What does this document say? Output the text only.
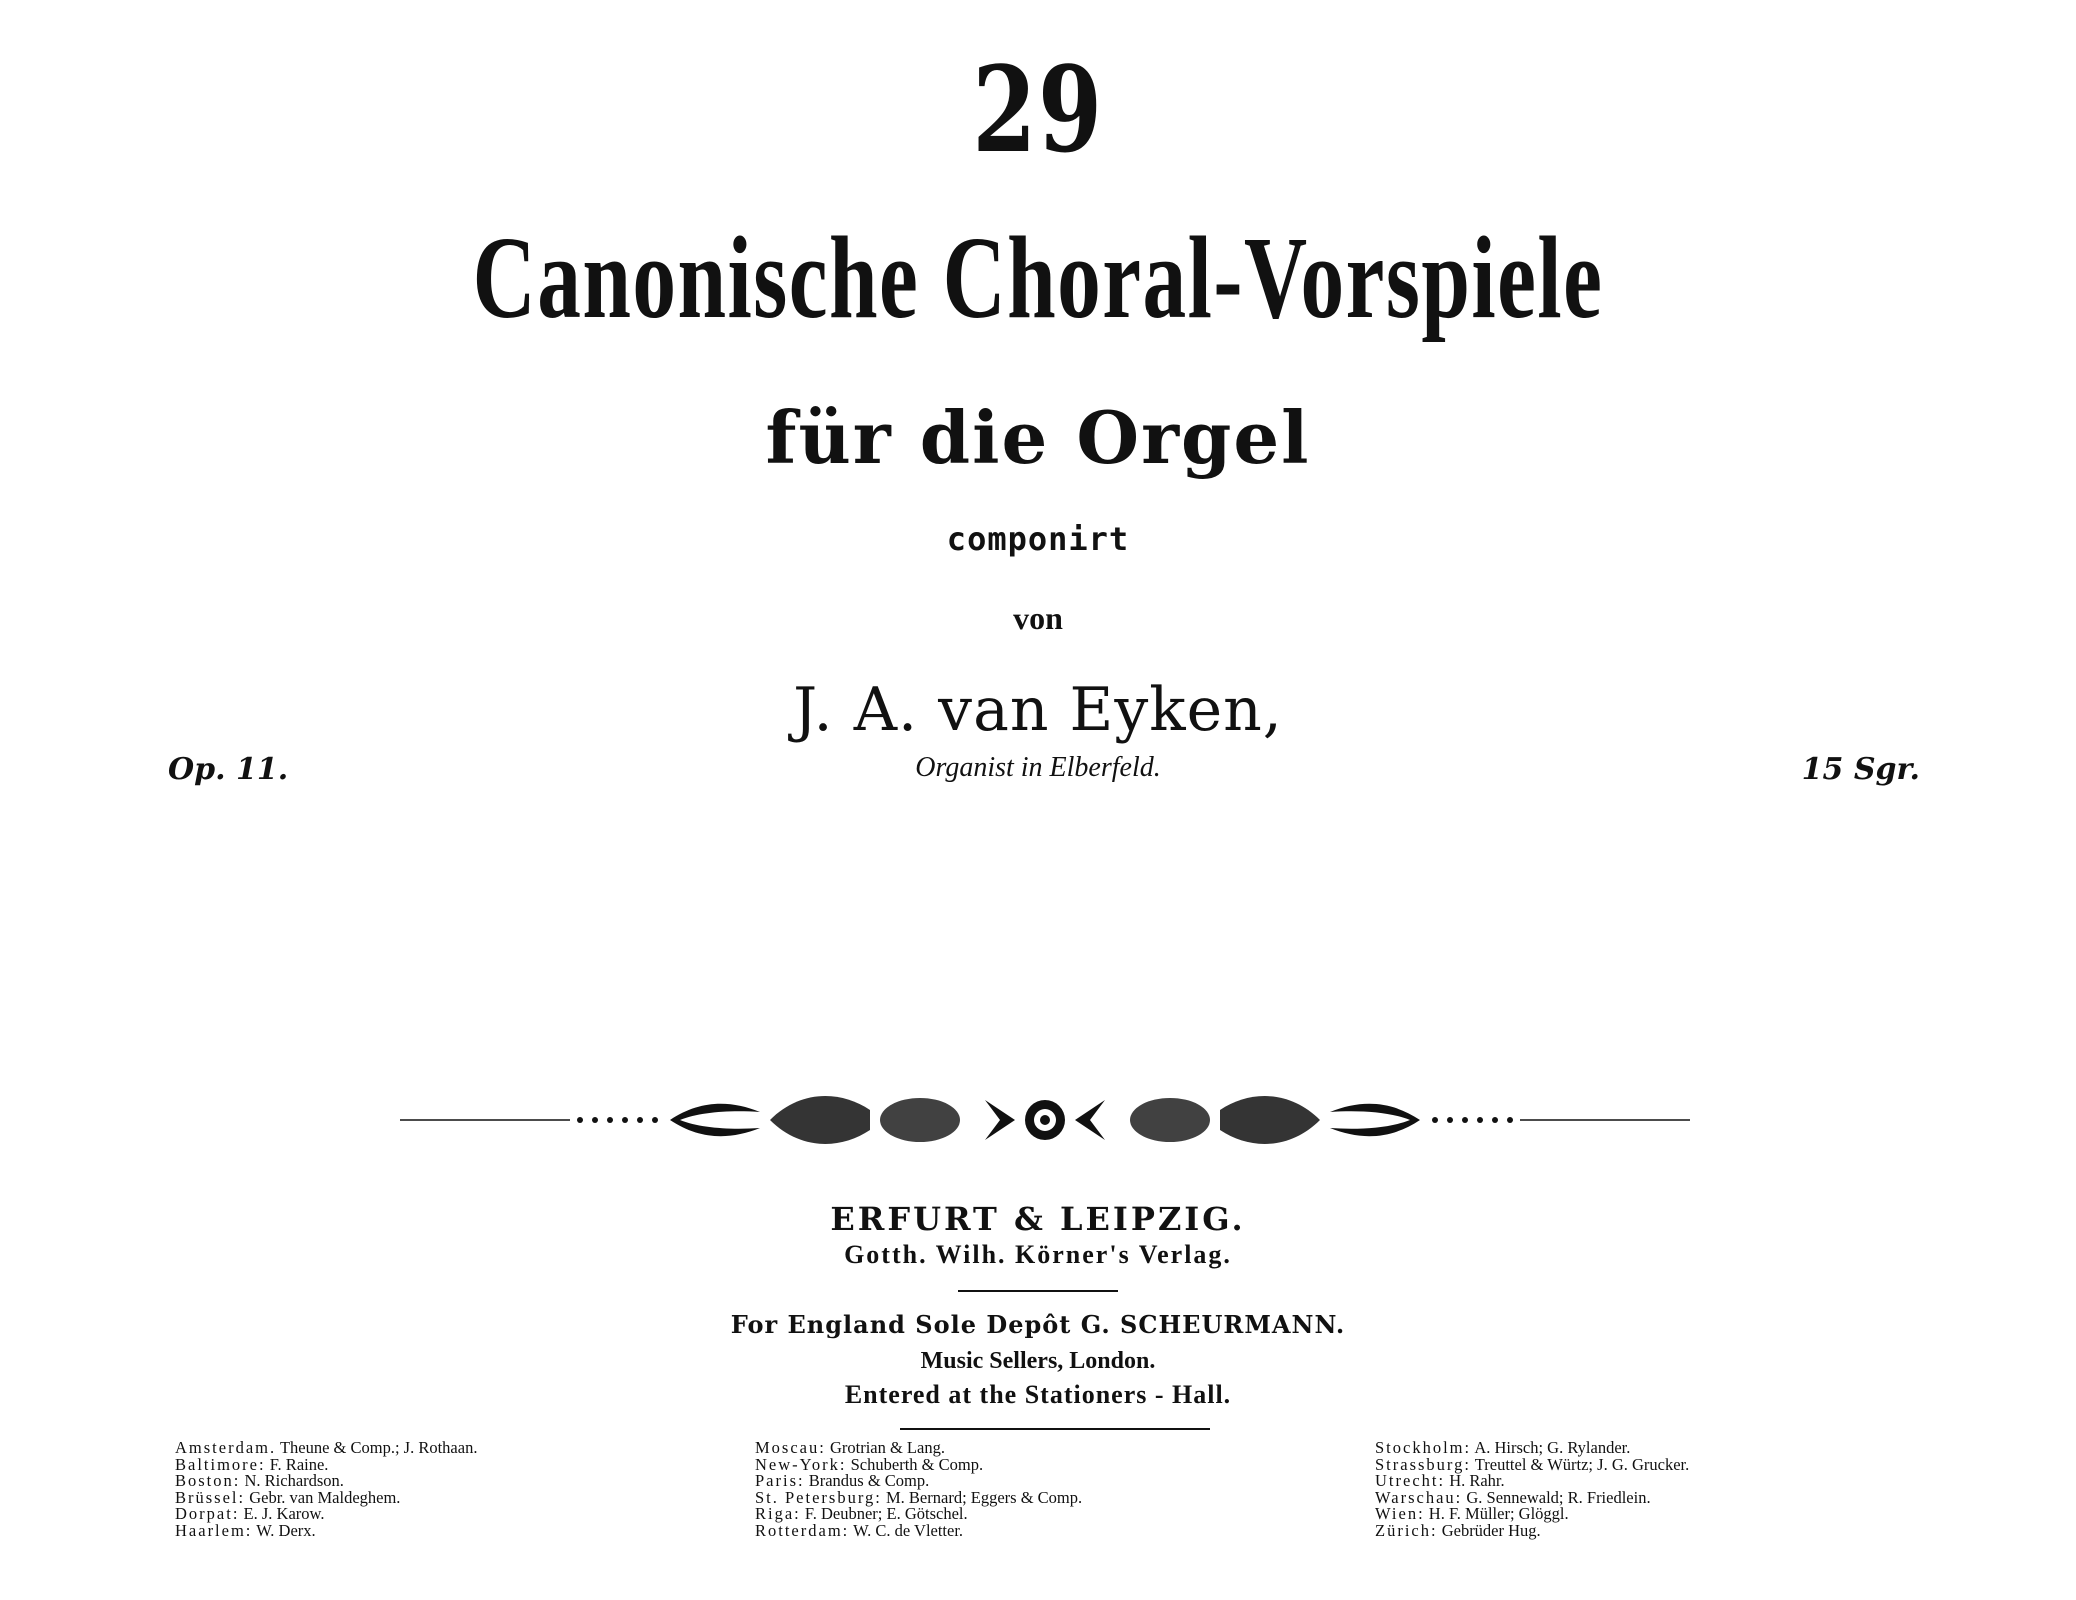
29
Canonische Choral-Vorspiele
für die Orgel
componirt
von
J. A. van Eyken,
Organist in Elberfeld.
Op. 11.	15 Sgr.
ERFURT & LEIPZIG.
Gotth. Wilh. Körner's Verlag.
For England Sole Depôt G. SCHEURMANN.
Music Sellers, London.
Entered at the Stationers - Hall.
Amsterdam. Theune & Comp.; J. Rothaan.
Baltimore: F. Raine.
Boston: N. Richardson.
Brüssel: Gebr. van Maldeghem.
Dorpat: E. J. Karow.
Haarlem: W. Derx.
Moscau: Grotrian & Lang.
New-York: Schuberth & Comp.
Paris: Brandus & Comp.
St. Petersburg: M. Bernard; Eggers & Comp.
Riga: F. Deubner; E. Götschel.
Rotterdam: W. C. de Vletter.
Stockholm: A. Hirsch; G. Rylander.
Strassburg: Treuttel & Würtz; J. G. Grucker.
Utrecht: H. Rahr.
Warschau: G. Sennewald; R. Friedlein.
Wien: H. F. Müller; Glöggl.
Zürich: Gebrüder Hug.
